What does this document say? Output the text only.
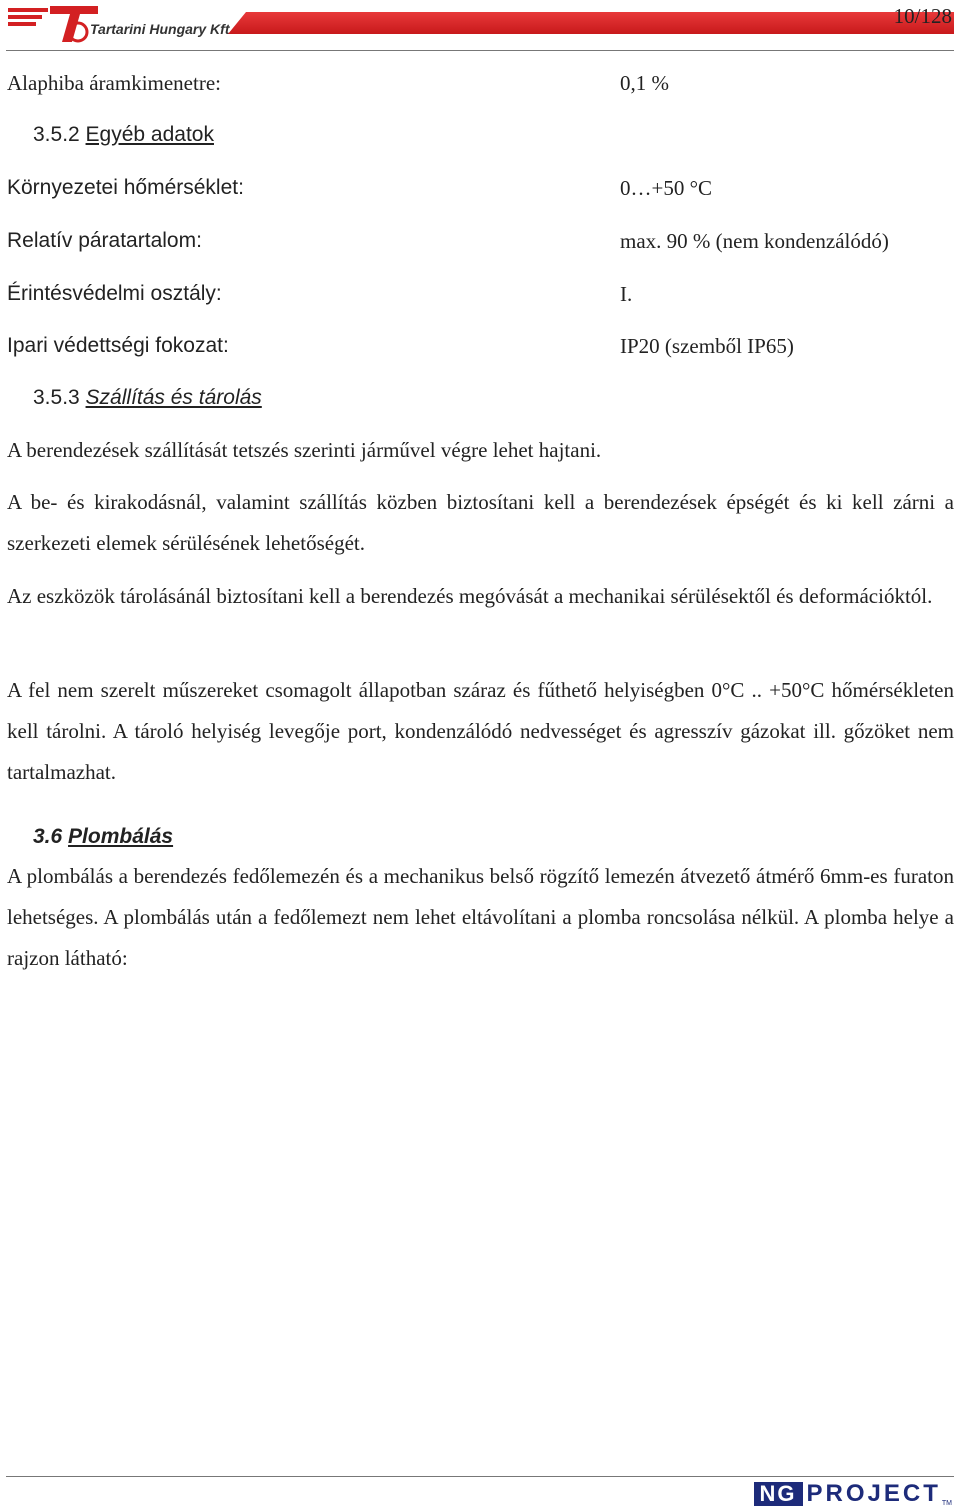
Tartarini Hungary Kft.
10/128
Alaphiba áramkimenetre:	0,1 %
3.5.2 Egyéb adatok
Környezetei hőmérséklet:	0…+50 °C
Relatív páratartalom:	max. 90 % (nem kondenzálódó)
Érintésvédelmi osztály:	I.
Ipari védettségi fokozat:	IP20 (szemből IP65)
3.5.3 Szállítás és tárolás
A berendezések szállítását tetszés szerinti járművel végre lehet hajtani.
A be- és kirakodásnál, valamint szállítás közben biztosítani kell a berendezések épségét és ki kell zárni a szerkezeti elemek sérülésének lehetőségét.
Az eszközök tárolásánál biztosítani kell a berendezés megóvását a mechanikai sérülésektől és deformációktól.
A fel nem szerelt műszereket csomagolt állapotban száraz és fűthető helyiségben 0°C .. +50°C hőmérsékleten kell tárolni. A tároló helyiség levegője port, kondenzálódó nedvességet és agresszív gázokat ill. gőzöket nem tartalmazhat.
3.6 Plombálás
A plombálás a berendezés fedőlemezén és a mechanikus belső rögzítő lemezén átvezető átmérő 6mm-es furaton lehetséges. A plombálás után a fedőlemezt nem lehet eltávolítani a plomba roncsolása nélkül. A plomba helye a rajzon látható:
NG PROJECT TM
